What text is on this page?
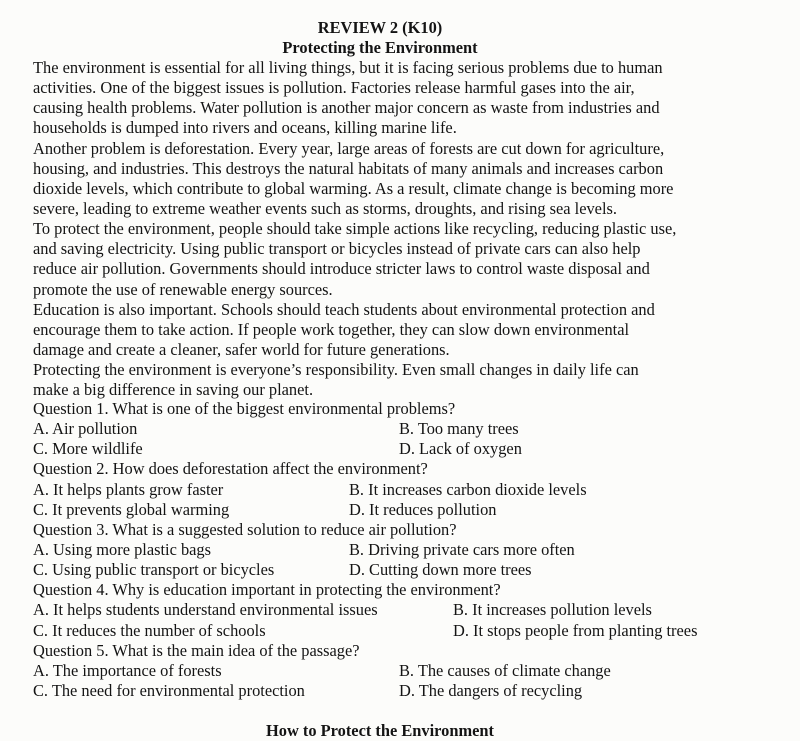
REVIEW 2 (K10)
Protecting the Environment
The environment is essential for all living things, but it is facing serious problems due to human
activities. One of the biggest issues is pollution. Factories release harmful gases into the air,
causing health problems. Water pollution is another major concern as waste from industries and
households is dumped into rivers and oceans, killing marine life.
Another problem is deforestation. Every year, large areas of forests are cut down for agriculture,
housing, and industries. This destroys the natural habitats of many animals and increases carbon
dioxide levels, which contribute to global warming. As a result, climate change is becoming more
severe, leading to extreme weather events such as storms, droughts, and rising sea levels.
To protect the environment, people should take simple actions like recycling, reducing plastic use,
and saving electricity. Using public transport or bicycles instead of private cars can also help
reduce air pollution. Governments should introduce stricter laws to control waste disposal and
promote the use of renewable energy sources.
Education is also important. Schools should teach students about environmental protection and
encourage them to take action. If people work together, they can slow down environmental
damage and create a cleaner, safer world for future generations.
Protecting the environment is everyone’s responsibility. Even small changes in daily life can
make a big difference in saving our planet.
Question 1. What is one of the biggest environmental problems?
A. Air pollution	B. Too many trees
C. More wildlife	D. Lack of oxygen
Question 2. How does deforestation affect the environment?
A. It helps plants grow faster	B. It increases carbon dioxide levels
C. It prevents global warming	D. It reduces pollution
Question 3. What is a suggested solution to reduce air pollution?
A. Using more plastic bags	B. Driving private cars more often
C. Using public transport or bicycles	D. Cutting down more trees
Question 4. Why is education important in protecting the environment?
A. It helps students understand environmental issues	B. It increases pollution levels
C. It reduces the number of schools	D. It stops people from planting trees
Question 5. What is the main idea of the passage?
A. The importance of forests	B. The causes of climate change
C. The need for environmental protection	D. The dangers of recycling
How to Protect the Environment
